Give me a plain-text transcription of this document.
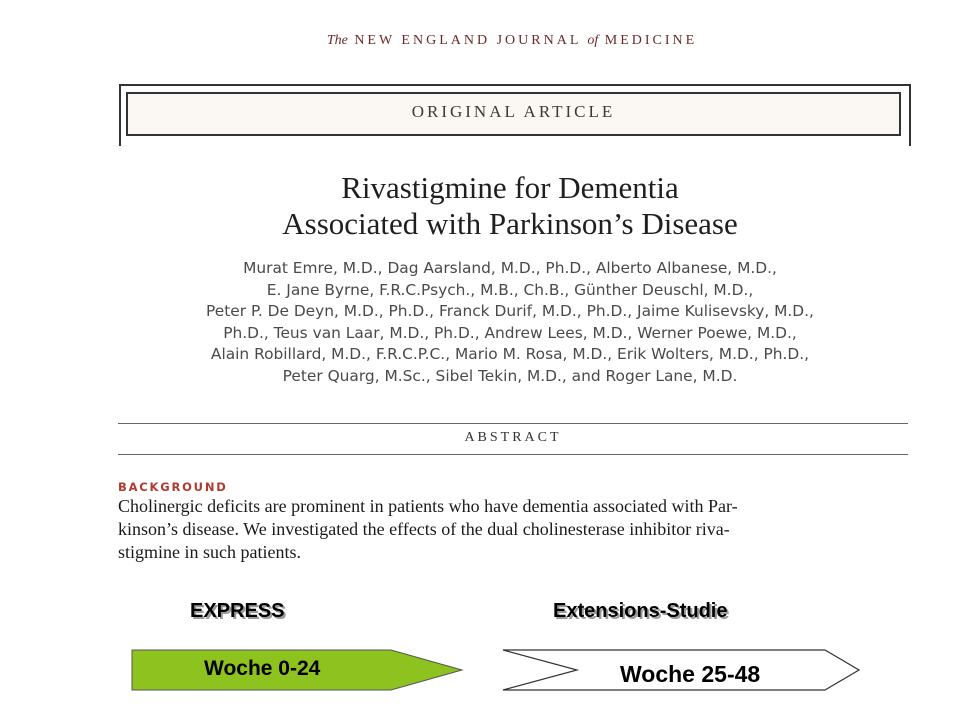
The NEW ENGLAND JOURNAL of MEDICINE
ORIGINAL ARTICLE
Rivastigmine for Dementia
Associated with Parkinson’s Disease
Murat Emre, M.D., Dag Aarsland, M.D., Ph.D., Alberto Albanese, M.D.,
E. Jane Byrne, F.R.C.Psych., M.B., Ch.B., Günther Deuschl, M.D.,
Peter P. De Deyn, M.D., Ph.D., Franck Durif, M.D., Ph.D., Jaime Kulisevsky, M.D.,
Ph.D., Teus van Laar, M.D., Ph.D., Andrew Lees, M.D., Werner Poewe, M.D.,
Alain Robillard, M.D., F.R.C.P.C., Mario M. Rosa, M.D., Erik Wolters, M.D., Ph.D.,
Peter Quarg, M.Sc., Sibel Tekin, M.D., and Roger Lane, M.D.
ABSTRACT
BACKGROUND
Cholinergic deficits are prominent in patients who have dementia associated with Par-
kinson’s disease. We investigated the effects of the dual cholinesterase inhibitor riva-
stigmine in such patients.
EXPRESS	Extensions-Studie
Woche 0-24	Woche 25-48
